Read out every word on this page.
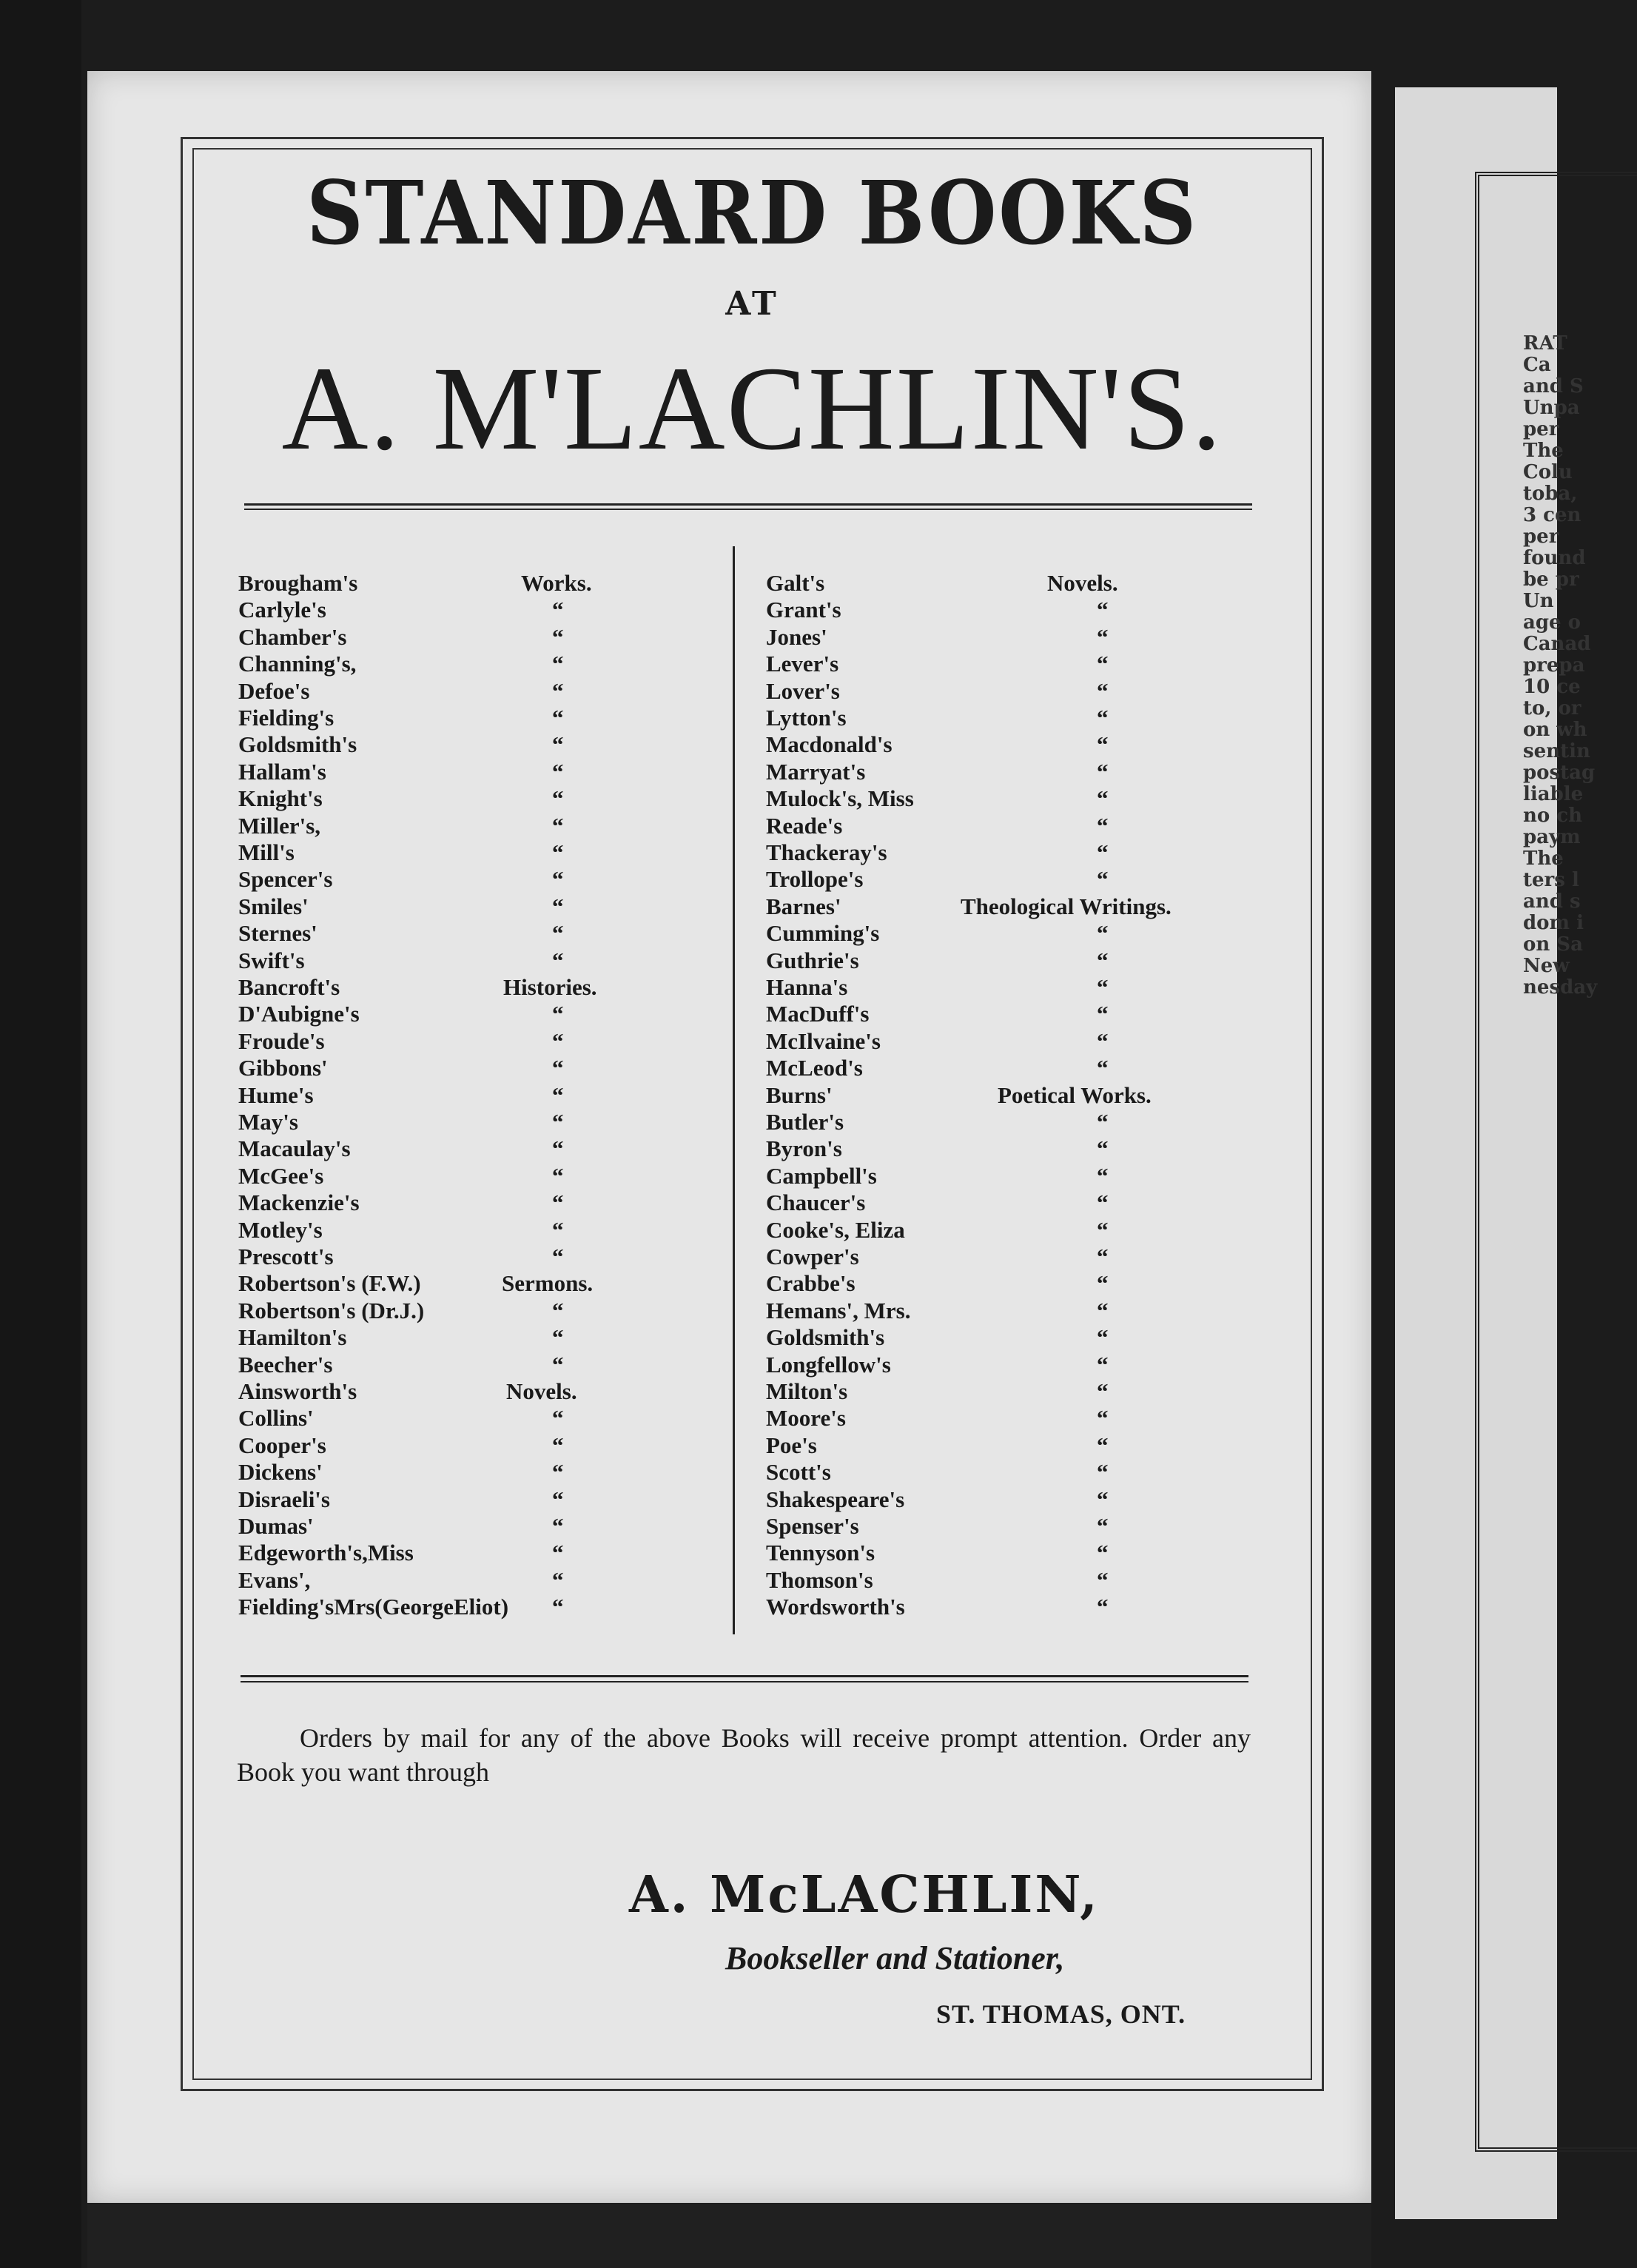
RAT
Ca
and S
Unpa
per
The
Colu
toba,
3 cen
per
found
be pr
Un
age o
Canad
prepa
10 ce
to, or
on wh
sentin
postag
liable
no ch
paym
The
ters l
and s
dom i
on Sa
New
nesday
STANDARD BOOKS
AT
A. M'LACHLIN'S.
Brougham's	Works.
Carlyle's	“
Chamber's	“
Channing's,	“
Defoe's	“
Fielding's	“
Goldsmith's	“
Hallam's	“
Knight's	“
Miller's,	“
Mill's	“
Spencer's	“
Smiles'	“
Sternes'	“
Swift's	“
Bancroft's	Histories.
D'Aubigne's	“
Froude's	“
Gibbons'	“
Hume's	“
May's	“
Macaulay's	“
McGee's	“
Mackenzie's	“
Motley's	“
Prescott's	“
Robertson's (F.W.)	Sermons.
Robertson's (Dr.J.)	“
Hamilton's	“
Beecher's	“
Ainsworth's	Novels.
Collins'	“
Cooper's	“
Dickens'	“
Disraeli's	“
Dumas'	“
Edgeworth's,Miss	“
Evans',	“
Fielding'sMrs(GeorgeEliot) “
Galt's	Novels.
Grant's	“
Jones'	“
Lever's	“
Lover's	“
Lytton's	“
Macdonald's	“
Marryat's	“
Mulock's, Miss	“
Reade's	“
Thackeray's	“
Trollope's	“
Barnes'	Theological Writings.
Cumming's	“
Guthrie's	“
Hanna's	“
MacDuff's	“
McIlvaine's	“
McLeod's	“
Burns'	Poetical Works.
Butler's	“
Byron's	“
Campbell's	“
Chaucer's	“
Cooke's, Eliza	“
Cowper's	“
Crabbe's	“
Hemans', Mrs.	“
Goldsmith's	“
Longfellow's	“
Milton's	“
Moore's	“
Poe's	“
Scott's	“
Shakespeare's	“
Spenser's	“
Tennyson's	“
Thomson's	“
Wordsworth's	“
Orders by mail for any of the above Books will receive prompt attention. Order any Book you want through
A. McLACHLIN,
Bookseller and Stationer,
ST. THOMAS, ONT.
